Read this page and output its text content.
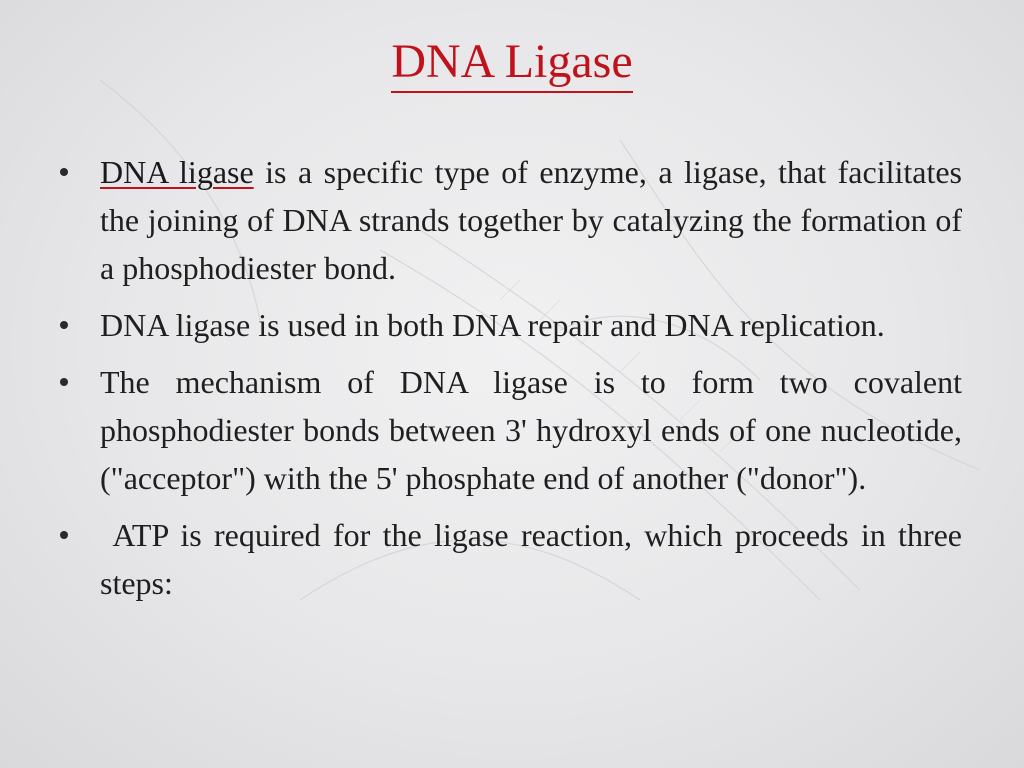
DNA Ligase
DNA ligase is a specific type of enzyme, a ligase, that facilitates the joining of DNA strands together by catalyzing the formation of a phosphodiester bond.
DNA ligase is used in both DNA repair and DNA replication.
The mechanism of DNA ligase is to form two covalent phosphodiester bonds between 3' hydroxyl ends of one nucleotide, ("acceptor") with the 5' phosphate end of another ("donor").
ATP is required for the ligase reaction, which proceeds in three steps:
